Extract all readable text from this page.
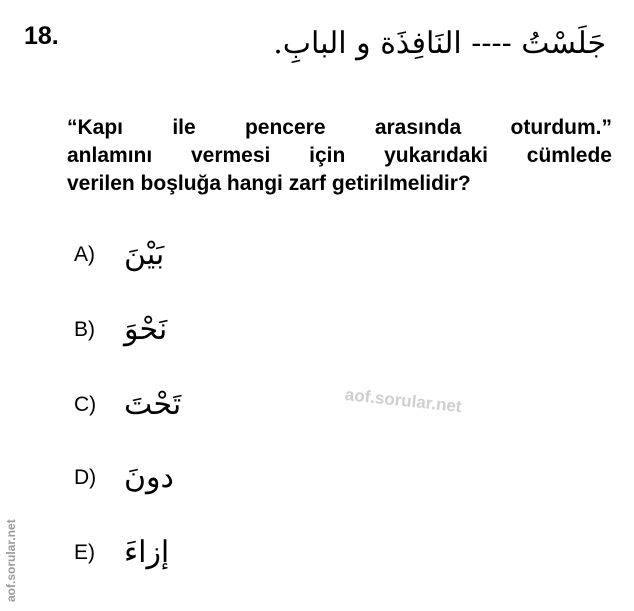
18.	جَلَسْتُ ---- النَافِذَة و البابِ.
“Kapı ile pencere arasında oturdum.”
anlamını vermesi için yukarıdaki cümlede
verilen boşluğa hangi zarf getirilmelidir?
A) بَيْنَ
B) نَحْوَ
C) تَحْتَ
D) دونَ
E) إزاءَ
aof.sorular.net
aof.sorular.net
